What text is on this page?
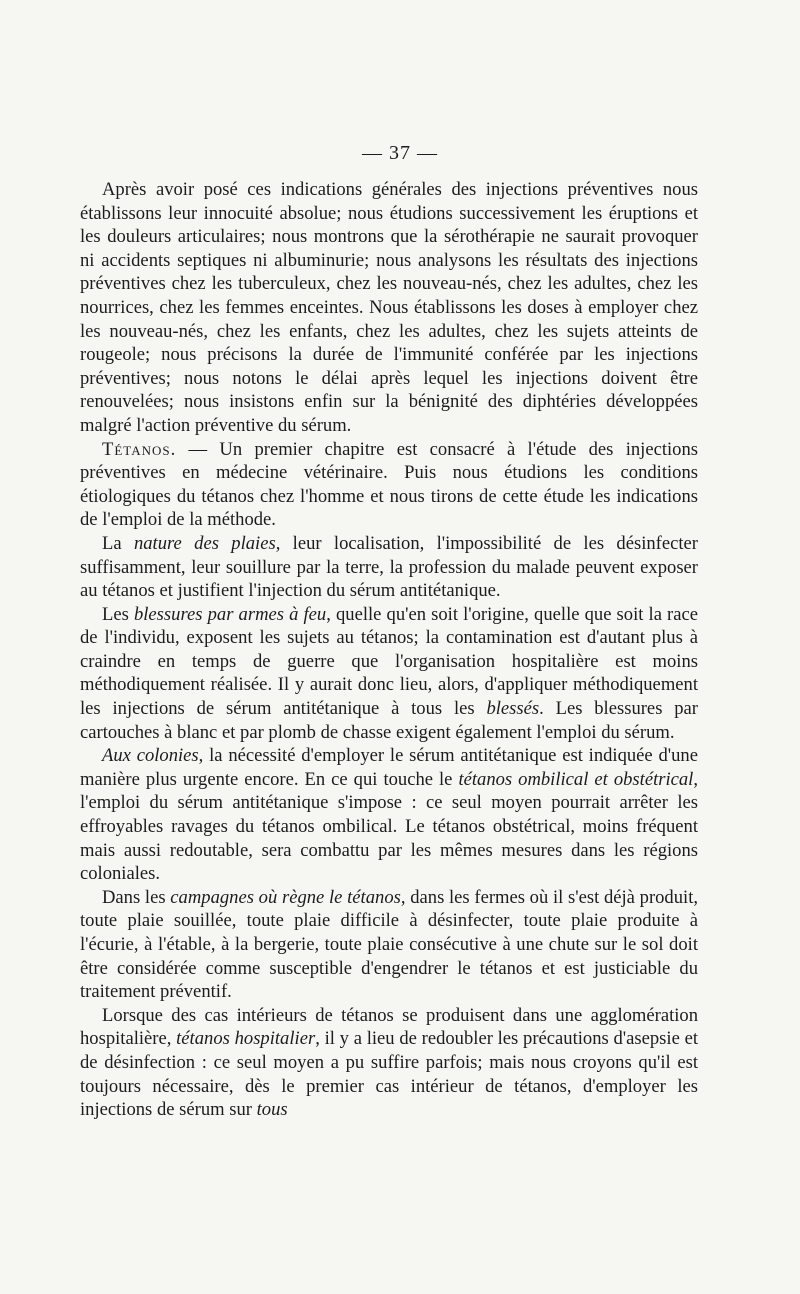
— 37 —

Après avoir posé ces indications générales des injections préventives nous établissons leur innocuité absolue; nous étudions successivement les éruptions et les douleurs articulaires; nous montrons que la sérothérapie ne saurait provoquer ni accidents septiques ni albuminurie; nous analysons les résultats des injections préventives chez les tuberculeux, chez les nouveau-nés, chez les adultes, chez les nourrices, chez les femmes enceintes. Nous établissons les doses à employer chez les nouveau-nés, chez les enfants, chez les adultes, chez les sujets atteints de rougeole; nous précisons la durée de l'immunité conférée par les injections préventives; nous notons le délai après lequel les injections doivent être renouvelées; nous insistons enfin sur la bénignité des diphtéries développées malgré l'action préventive du sérum.

Tétanos. — Un premier chapitre est consacré à l'étude des injections préventives en médecine vétérinaire. Puis nous étudions les conditions étiologiques du tétanos chez l'homme et nous tirons de cette étude les indications de l'emploi de la méthode.

La nature des plaies, leur localisation, l'impossibilité de les désinfecter suffisamment, leur souillure par la terre, la profession du malade peuvent exposer au tétanos et justifient l'injection du sérum antitétanique.

Les blessures par armes à feu, quelle qu'en soit l'origine, quelle que soit la race de l'individu, exposent les sujets au tétanos; la contamination est d'autant plus à craindre en temps de guerre que l'organisation hospitalière est moins méthodiquement réalisée. Il y aurait donc lieu, alors, d'appliquer méthodiquement les injections de sérum antitétanique à tous les blessés. Les blessures par cartouches à blanc et par plomb de chasse exigent également l'emploi du sérum.

Aux colonies, la nécessité d'employer le sérum antitétanique est indiquée d'une manière plus urgente encore. En ce qui touche le tétanos ombilical et obstétrical, l'emploi du sérum antitétanique s'impose : ce seul moyen pourrait arrêter les effroyables ravages du tétanos ombilical. Le tétanos obstétrical, moins fréquent mais aussi redoutable, sera combattu par les mêmes mesures dans les régions coloniales.

Dans les campagnes où règne le tétanos, dans les fermes où il s'est déjà produit, toute plaie souillée, toute plaie difficile à désinfecter, toute plaie produite à l'écurie, à l'étable, à la bergerie, toute plaie consécutive à une chute sur le sol doit être considérée comme susceptible d'engendrer le tétanos et est justiciable du traitement préventif.

Lorsque des cas intérieurs de tétanos se produisent dans une agglomération hospitalière, tétanos hospitalier, il y a lieu de redoubler les précautions d'asepsie et de désinfection : ce seul moyen a pu suffire parfois; mais nous croyons qu'il est toujours nécessaire, dès le premier cas intérieur de tétanos, d'employer les injections de sérum sur tous
